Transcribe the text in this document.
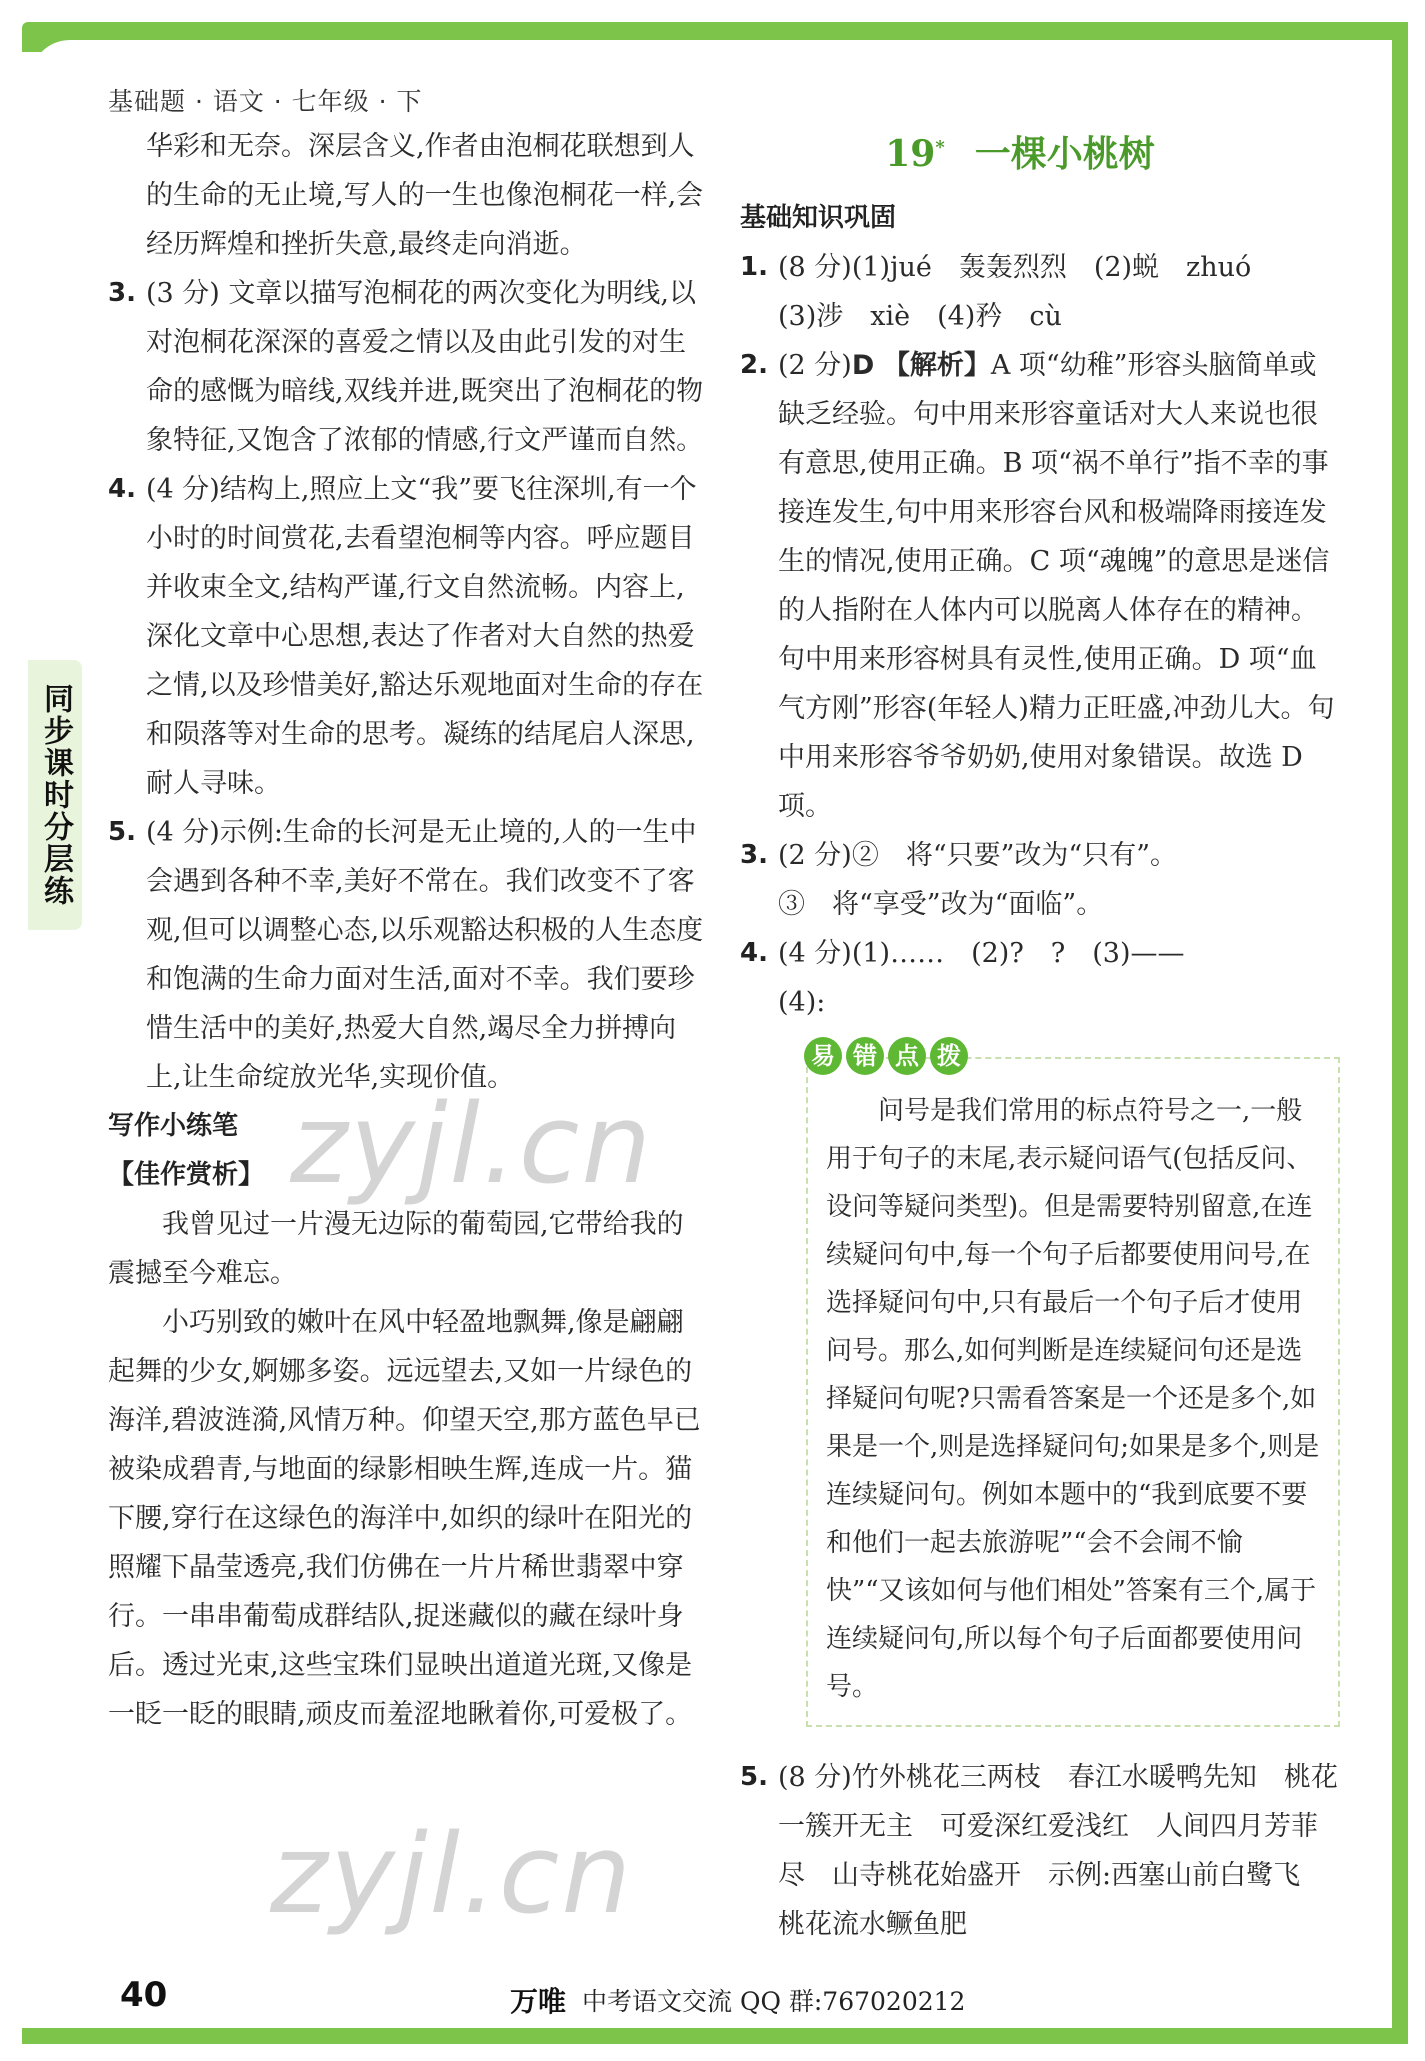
基础题 · 语文 · 七年级 · 下
同步课时分层练
华彩和无奈。深层含义,作者由泡桐花联想到人的生命的无止境,写人的一生也像泡桐花一样,会经历辉煌和挫折失意,最终走向消逝。
3. (3 分) 文章以描写泡桐花的两次变化为明线,以对泡桐花深深的喜爱之情以及由此引发的对生命的感慨为暗线,双线并进,既突出了泡桐花的物象特征,又饱含了浓郁的情感,行文严谨而自然。
4. (4 分)结构上,照应上文“我”要飞往深圳,有一个小时的时间赏花,去看望泡桐等内容。呼应题目并收束全文,结构严谨,行文自然流畅。内容上,深化文章中心思想,表达了作者对大自然的热爱之情,以及珍惜美好,豁达乐观地面对生命的存在和陨落等对生命的思考。凝练的结尾启人深思,耐人寻味。
5. (4 分)示例:生命的长河是无止境的,人的一生中会遇到各种不幸,美好不常在。我们改变不了客观,但可以调整心态,以乐观豁达积极的人生态度和饱满的生命力面对生活,面对不幸。我们要珍惜生活中的美好,热爱大自然,竭尽全力拼搏向上,让生命绽放光华,实现价值。
写作小练笔
【佳作赏析】
我曾见过一片漫无边际的葡萄园,它带给我的震撼至今难忘。
小巧别致的嫩叶在风中轻盈地飘舞,像是翩翩起舞的少女,婀娜多姿。远远望去,又如一片绿色的海洋,碧波涟漪,风情万种。仰望天空,那方蓝色早已被染成碧青,与地面的绿影相映生辉,连成一片。猫下腰,穿行在这绿色的海洋中,如织的绿叶在阳光的照耀下晶莹透亮,我们仿佛在一片片稀世翡翠中穿行。一串串葡萄成群结队,捉迷藏似的藏在绿叶身后。透过光束,这些宝珠们显映出道道光斑,又像是一眨一眨的眼睛,顽皮而羞涩地瞅着你,可爱极了。
19* 一棵小桃树
基础知识巩固
1. (8 分)(1)jué　轰轰烈烈　(2)蜕　zhuó
(3)涉　xiè　(4)矜　cù
2. (2 分)D 【解析】A 项“幼稚”形容头脑简单或缺乏经验。句中用来形容童话对大人来说也很有意思,使用正确。B 项“祸不单行”指不幸的事接连发生,句中用来形容台风和极端降雨接连发生的情况,使用正确。C 项“魂魄”的意思是迷信的人指附在人体内可以脱离人体存在的精神。句中用来形容树具有灵性,使用正确。D 项“血气方刚”形容(年轻人)精力正旺盛,冲劲儿大。句中用来形容爷爷奶奶,使用对象错误。故选 D 项。
3. (2 分)②　将“只要”改为“只有”。
③　将“享受”改为“面临”。
4. (4 分)(1)……　(2)?　?　(3)——
(4):
易 错 点 拨
问号是我们常用的标点符号之一,一般用于句子的末尾,表示疑问语气(包括反问、设问等疑问类型)。但是需要特别留意,在连续疑问句中,每一个句子后都要使用问号,在选择疑问句中,只有最后一个句子后才使用问号。那么,如何判断是连续疑问句还是选择疑问句呢?只需看答案是一个还是多个,如果是一个,则是选择疑问句;如果是多个,则是连续疑问句。例如本题中的“我到底要不要和他们一起去旅游呢”“会不会闹不愉快”“又该如何与他们相处”答案有三个,属于连续疑问句,所以每个句子后面都要使用问号。
5. (8 分)竹外桃花三两枝　春江水暖鸭先知　桃花一簇开无主　可爱深红爱浅红　人间四月芳菲尽　山寺桃花始盛开　示例:西塞山前白鹭飞　桃花流水鳜鱼肥
zyjl.cn
zyjl.cn
40	万唯 中考语文交流 QQ 群:767020212
